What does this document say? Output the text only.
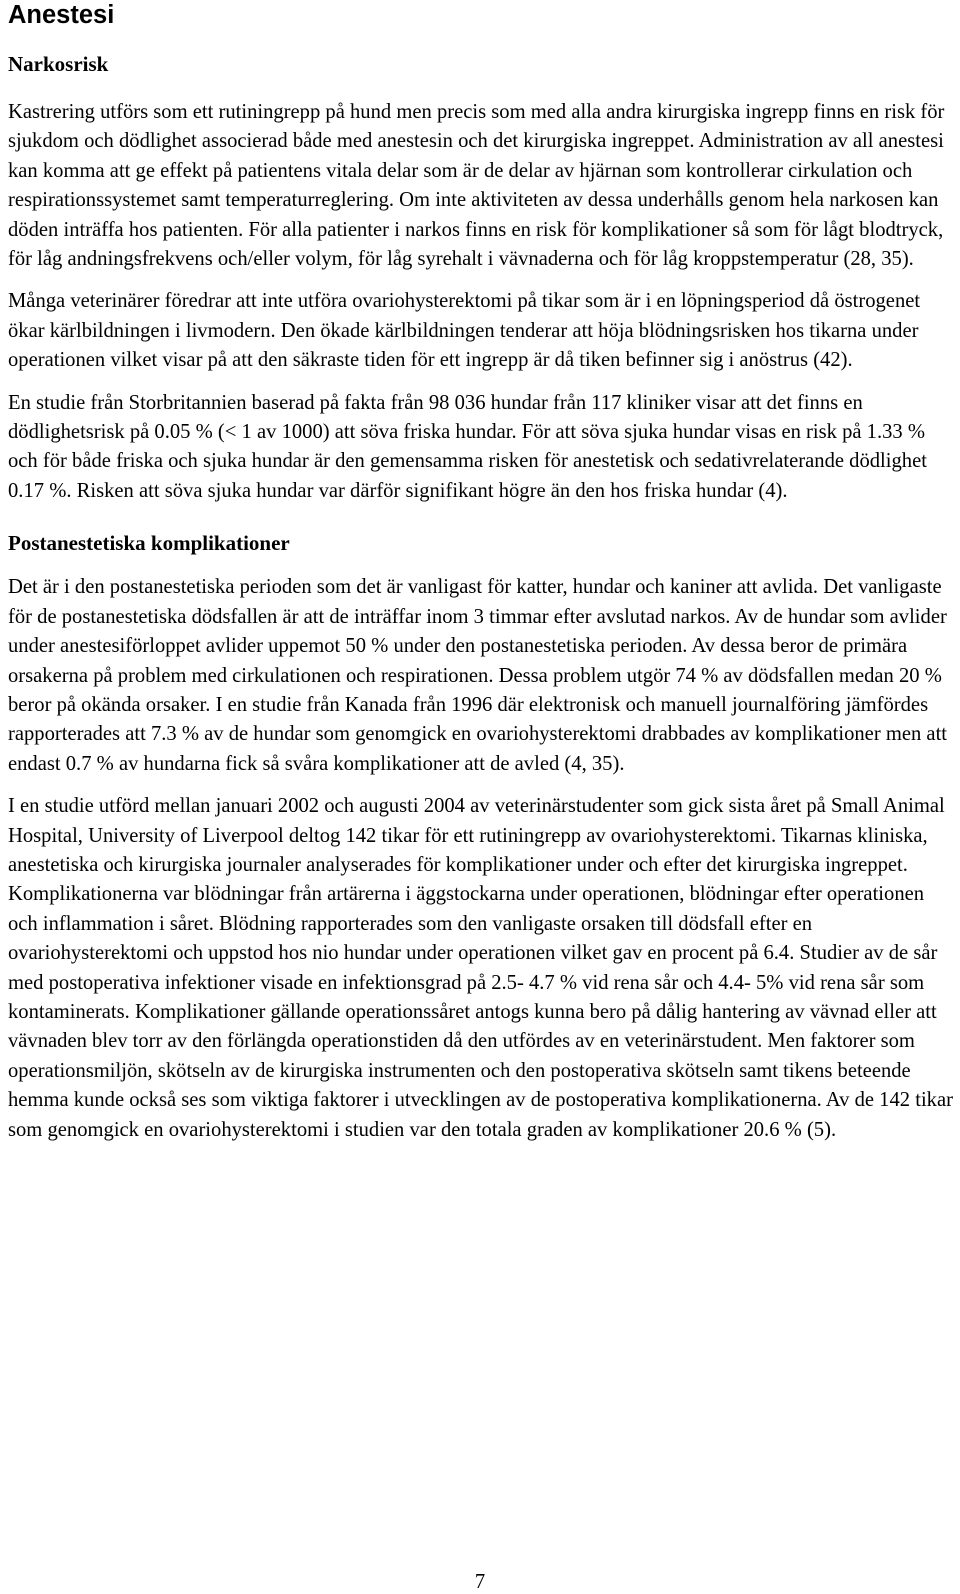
Anestesi
Narkosrisk

Kastrering utförs som ett rutiningrepp på hund men precis som med alla andra kirurgiska ingrepp finns en risk för sjukdom och dödlighet associerad både med anestesin och det kirurgiska ingreppet. Administration av all anestesi kan komma att ge effekt på patientens vitala delar som är de delar av hjärnan som kontrollerar cirkulation och respirationssystemet samt temperaturreglering. Om inte aktiviteten av dessa underhålls genom hela narkosen kan döden inträffa hos patienten. För alla patienter i narkos finns en risk för komplikationer så som för lågt blodtryck, för låg andningsfrekvens och/eller volym, för låg syrehalt i vävnaderna och för låg kroppstemperatur (28, 35).

Många veterinärer föredrar att inte utföra ovariohysterektomi på tikar som är i en löpningsperiod då östrogenet ökar kärlbildningen i livmodern. Den ökade kärlbildningen tenderar att höja blödningsrisken hos tikarna under operationen vilket visar på att den säkraste tiden för ett ingrepp är då tiken befinner sig i anöstrus (42).

En studie från Storbritannien baserad på fakta från 98 036 hundar från 117 kliniker visar att det finns en dödlighetsrisk på 0.05 % (< 1 av 1000) att söva friska hundar. För att söva sjuka hundar visas en risk på 1.33 % och för både friska och sjuka hundar är den gemensamma risken för anestetisk och sedativrelaterande dödlighet 0.17 %. Risken att söva sjuka hundar var därför signifikant högre än den hos friska hundar (4).

Postanestetiska komplikationer

Det är i den postanestetiska perioden som det är vanligast för katter, hundar och kaniner att avlida. Det vanligaste för de postanestetiska dödsfallen är att de inträffar inom 3 timmar efter avslutad narkos. Av de hundar som avlider under anestesiförloppet avlider uppemot 50 % under den postanestetiska perioden. Av dessa beror de primära orsakerna på problem med cirkulationen och respirationen. Dessa problem utgör 74 % av dödsfallen medan 20 % beror på okända orsaker. I en studie från Kanada från 1996 där elektronisk och manuell journalföring jämfördes rapporterades att 7.3 % av de hundar som genomgick en ovariohysterektomi drabbades av komplikationer men att endast 0.7 % av hundarna fick så svåra komplikationer att de avled (4, 35).

I en studie utförd mellan januari 2002 och augusti 2004 av veterinärstudenter som gick sista året på Small Animal Hospital, University of Liverpool deltog 142 tikar för ett rutiningrepp av ovariohysterektomi. Tikarnas kliniska, anestetiska och kirurgiska journaler analyserades för komplikationer under och efter det kirurgiska ingreppet. Komplikationerna var blödningar från artärerna i äggstockarna under operationen, blödningar efter operationen och inflammation i såret. Blödning rapporterades som den vanligaste orsaken till dödsfall efter en ovariohysterektomi och uppstod hos nio hundar under operationen vilket gav en procent på 6.4. Studier av de sår med postoperativa infektioner visade en infektionsgrad på 2.5- 4.7 % vid rena sår och 4.4- 5% vid rena sår som kontaminerats. Komplikationer gällande operationssåret antogs kunna bero på dålig hantering av vävnad eller att vävnaden blev torr av den förlängda operationstiden då den utfördes av en veterinärstudent. Men faktorer som operationsmiljön, skötseln av de kirurgiska instrumenten och den postoperativa skötseln samt tikens beteende hemma kunde också ses som viktiga faktorer i utvecklingen av de postoperativa komplikationerna. Av de 142 tikar som genomgick en ovariohysterektomi i studien var den totala graden av komplikationer 20.6 % (5).

7
